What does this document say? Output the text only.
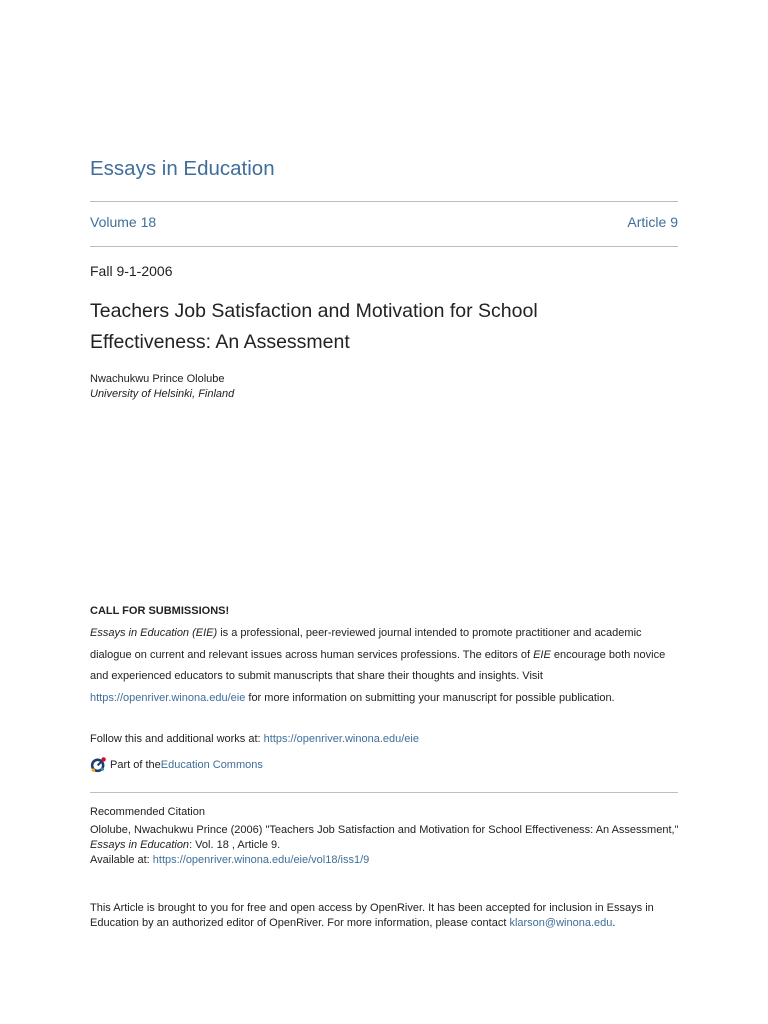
Essays in Education
Volume 18	Article 9
Fall 9-1-2006
Teachers Job Satisfaction and Motivation for School Effectiveness: An Assessment
Nwachukwu Prince Ololube
University of Helsinki, Finland
CALL FOR SUBMISSIONS!
Essays in Education (EIE) is a professional, peer-reviewed journal intended to promote practitioner and academic dialogue on current and relevant issues across human services professions. The editors of EIE encourage both novice and experienced educators to submit manuscripts that share their thoughts and insights. Visit https://openriver.winona.edu/eie for more information on submitting your manuscript for possible publication.
Follow this and additional works at: https://openriver.winona.edu/eie
Part of the Education Commons
Recommended Citation
Ololube, Nwachukwu Prince (2006) "Teachers Job Satisfaction and Motivation for School Effectiveness: An Assessment," Essays in Education: Vol. 18 , Article 9.
Available at: https://openriver.winona.edu/eie/vol18/iss1/9
This Article is brought to you for free and open access by OpenRiver. It has been accepted for inclusion in Essays in Education by an authorized editor of OpenRiver. For more information, please contact klarson@winona.edu.
